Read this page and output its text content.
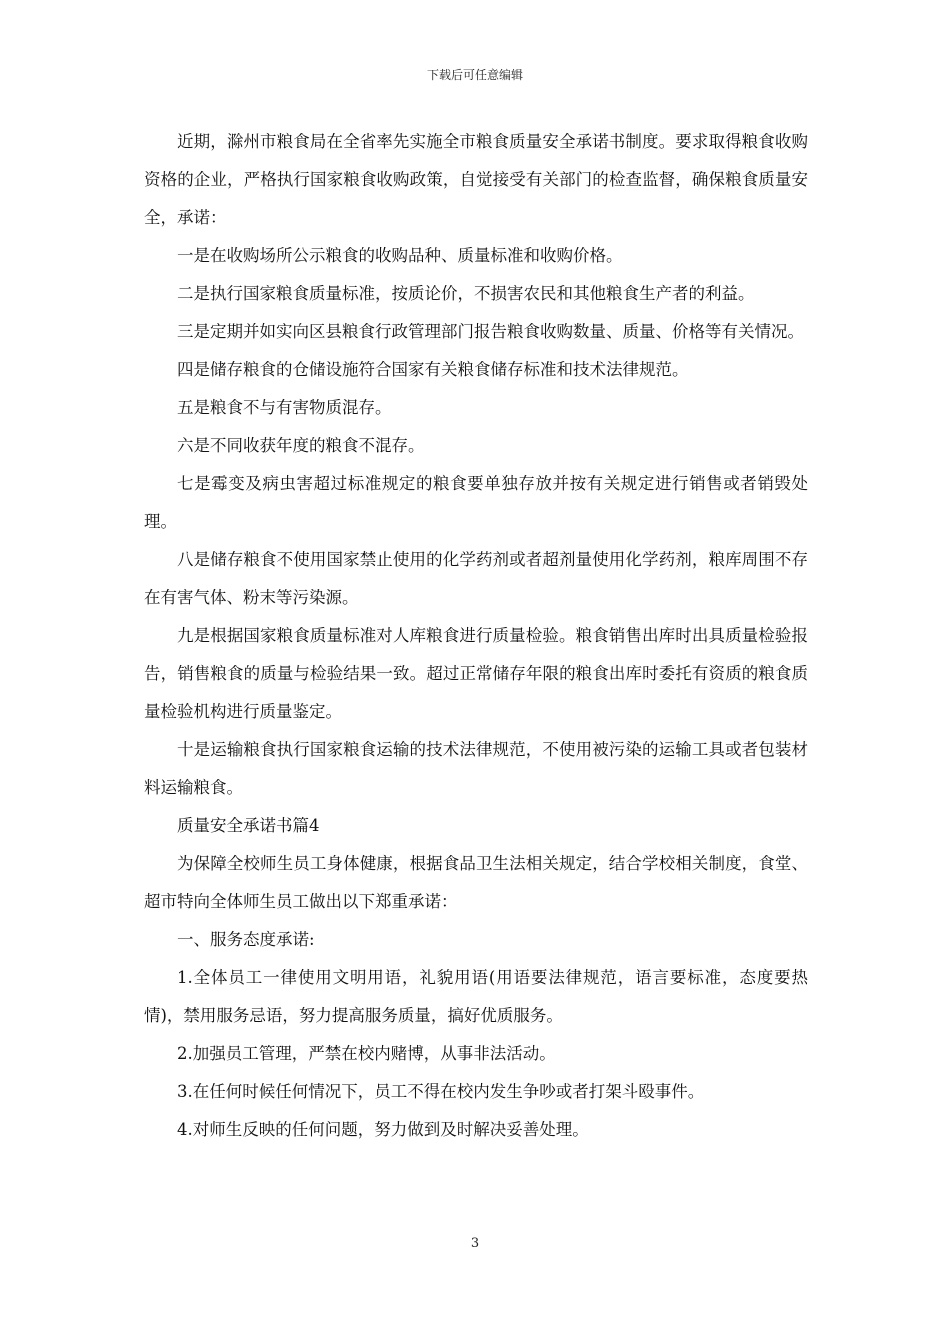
下载后可任意编辑

近期，滁州市粮食局在全省率先实施全市粮食质量安全承诺书制度。要求取得粮食收购资格的企业，严格执行国家粮食收购政策，自觉接受有关部门的检查监督，确保粮食质量安全，承诺：

一是在收购场所公示粮食的收购品种、质量标准和收购价格。

二是执行国家粮食质量标准，按质论价，不损害农民和其他粮食生产者的利益。

三是定期并如实向区县粮食行政管理部门报告粮食收购数量、质量、价格等有关情况。

四是储存粮食的仓储设施符合国家有关粮食储存标准和技术法律规范。

五是粮食不与有害物质混存。

六是不同收获年度的粮食不混存。

七是霉变及病虫害超过标准规定的粮食要单独存放并按有关规定进行销售或者销毁处理。

八是储存粮食不使用国家禁止使用的化学药剂或者超剂量使用化学药剂，粮库周围不存在有害气体、粉末等污染源。

九是根据国家粮食质量标准对人库粮食进行质量检验。粮食销售出库时出具质量检验报告，销售粮食的质量与检验结果一致。超过正常储存年限的粮食出库时委托有资质的粮食质量检验机构进行质量鉴定。

十是运输粮食执行国家粮食运输的技术法律规范，不使用被污染的运输工具或者包装材料运输粮食。

质量安全承诺书篇4

为保障全校师生员工身体健康，根据食品卫生法相关规定，结合学校相关制度，食堂、超市特向全体师生员工做出以下郑重承诺：

一、服务态度承诺:

1.全体员工一律使用文明用语，礼貌用语(用语要法律规范，语言要标准，态度要热情)，禁用服务忌语，努力提高服务质量，搞好优质服务。

2.加强员工管理，严禁在校内赌博，从事非法活动。

3.在任何时候任何情况下，员工不得在校内发生争吵或者打架斗殴事件。

4.对师生反映的任何问题，努力做到及时解决妥善处理。

3
